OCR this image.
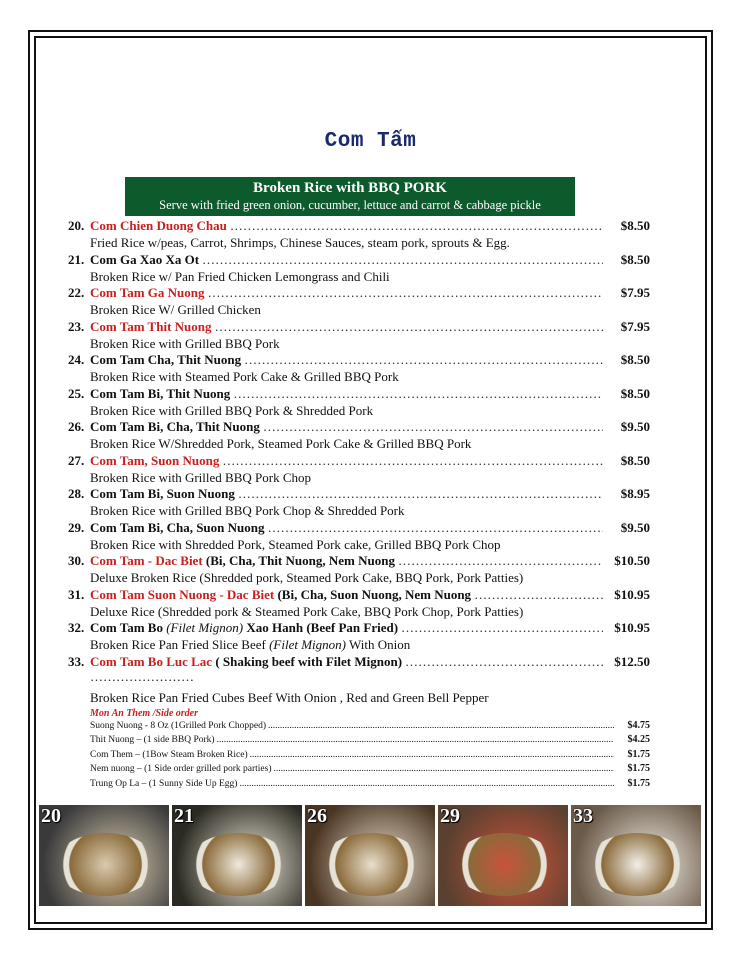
Com Tấm
Broken Rice with BBQ PORK
Serve with fried green onion, cucumber, lettuce and carrot & cabbage pickle
20. Com Chien Duong Chau ………………………………………………………………………………………………………………………………………………………………	$8.50
Fried Rice w/peas, Carrot, Shrimps, Chinese Sauces, steam pork, sprouts & Egg.
21. Com Ga Xao Xa Ot ………………………………………………………………………………………………………………………………………………………………	$8.50
Broken Rice w/ Pan Fried Chicken Lemongrass and Chili
22. Com Tam Ga Nuong ………………………………………………………………………………………………………………………………………………………………	$7.95
Broken Rice W/ Grilled Chicken
23. Com Tam Thit Nuong ………………………………………………………………………………………………………………………………………………………………	$7.95
Broken Rice with Grilled BBQ Pork
24. Com Tam Cha, Thit Nuong ………………………………………………………………………………………………………………………………………………………………	$8.50
Broken Rice with Steamed Pork Cake & Grilled BBQ Pork
25. Com Tam Bi, Thit Nuong ………………………………………………………………………………………………………………………………………………………………	$8.50
Broken Rice with Grilled BBQ Pork & Shredded Pork
26. Com Tam Bi, Cha, Thit Nuong ………………………………………………………………………………………………………………………………………………………………	$9.50
Broken Rice W/Shredded Pork, Steamed Pork Cake & Grilled BBQ Pork
27. Com Tam, Suon Nuong ………………………………………………………………………………………………………………………………………………………………	$8.50
Broken Rice with Grilled BBQ Pork Chop
28. Com Tam Bi, Suon Nuong ………………………………………………………………………………………………………………………………………………………………	$8.95
Broken Rice with Grilled BBQ Pork Chop & Shredded Pork
29. Com Tam Bi, Cha, Suon Nuong ………………………………………………………………………………………………………………………………………………………………	$9.50
Broken Rice with Shredded Pork, Steamed Pork cake, Grilled BBQ Pork Chop
30. Com Tam - Dac Biet (Bi, Cha, Thit Nuong, Nem Nuong ………………………………………………………………………………………………………………………………………………………………	$10.50
Deluxe Broken Rice (Shredded pork, Steamed Pork Cake, BBQ Pork, Pork Patties)
31. Com Tam Suon Nuong - Dac Biet (Bi, Cha, Suon Nuong, Nem Nuong ………………………………………………………………………………………………………………………………………………………………	$10.95
Deluxe Rice (Shredded pork & Steamed Pork Cake, BBQ Pork Chop, Pork Patties)
32. Com Tam Bo (Filet Mignon) Xao Hanh (Beef Pan Fried) ………………………………………………………………………………………………………………………………………………………………	$10.95
Broken Rice Pan Fried Slice Beef (Filet Mignon) With Onion
33. Com Tam Bo Luc Lac ( Shaking beef with Filet Mignon) ………………………………………………………………………………………………………………………………………………………………	$12.50
……………………
Broken Rice Pan Fried Cubes Beef With Onion , Red and Green Bell Pepper
Mon An Them /Side order
Suong Nuong - 8 Oz (1Grilled Pork Chopped) .....	$4.75
Thit Nuong – (1 side BBQ Pork) .....	$4.25
Com Them – (1Bow Steam Broken Rice) .....	$1.75
Nem nuong – (1 Side order grilled pork parties) .....	$1.75
Trung Op La – (1 Sunny Side Up Egg) .....	$1.75
20	21	26	29	33
